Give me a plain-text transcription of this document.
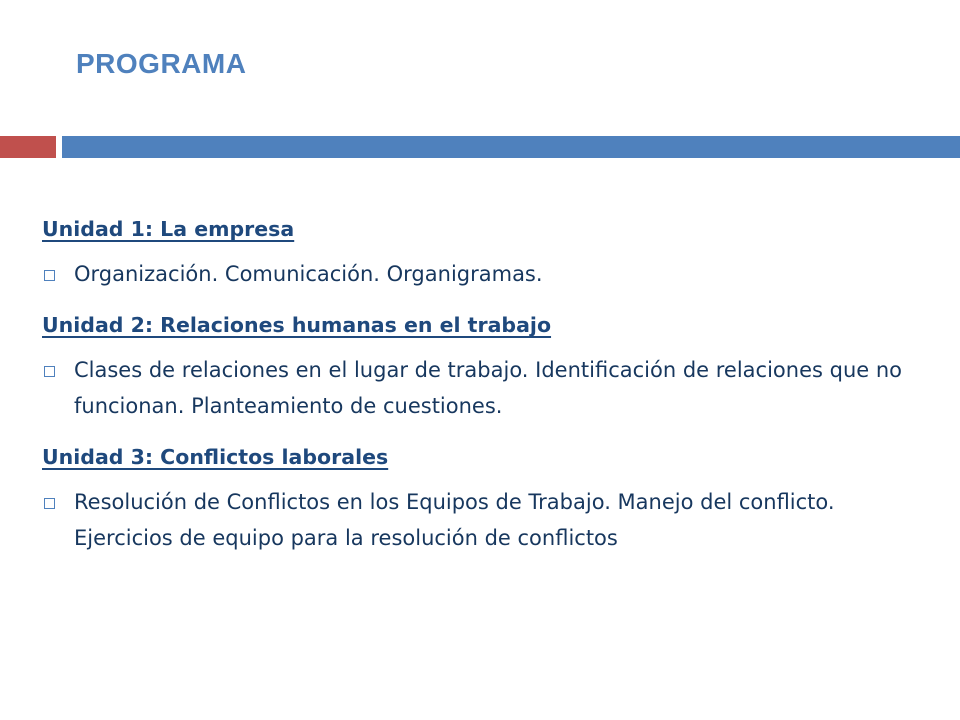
PROGRAMA
Unidad 1: La empresa
Organización. Comunicación. Organigramas.
Unidad 2: Relaciones humanas en el trabajo
Clases de relaciones en el lugar de trabajo. Identificación de relaciones que no funcionan. Planteamiento de cuestiones.
Unidad 3: Conflictos laborales
Resolución de Conflictos en los Equipos de Trabajo. Manejo del conflicto. Ejercicios de equipo para la resolución de conflictos
